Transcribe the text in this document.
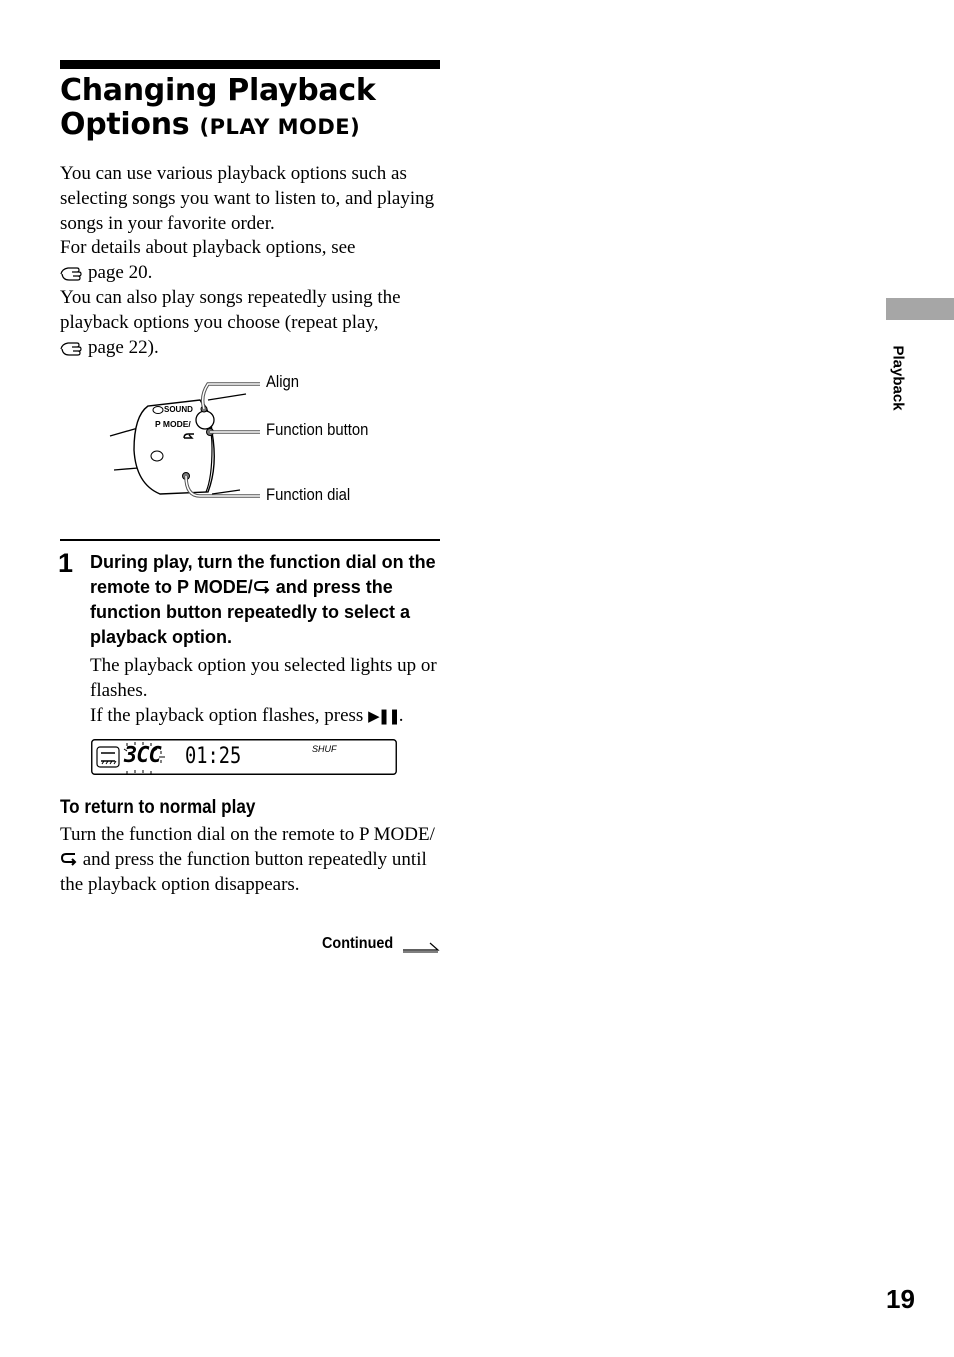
Changing Playback Options (PLAY MODE)
You can use various playback options such as selecting songs you want to listen to, and playing songs in your favorite order.
For details about playback options, see
page 20.
You can also play songs repeatedly using the playback options you choose (repeat play,
page 22).
SOUND
P MODE/
Align
Function button
Function dial
1 During play, turn the function dial on the remote to P MODE/ and press the function button repeatedly to select a playback option.
The playback option you selected lights up or flashes.
If the playback option flashes, press ▶❚❚.
3CC 01:25	SHUF
To return to normal play
Turn the function dial on the remote to P MODE/ and press the function button repeatedly until the playback option disappears.
Continued
Playback
19
